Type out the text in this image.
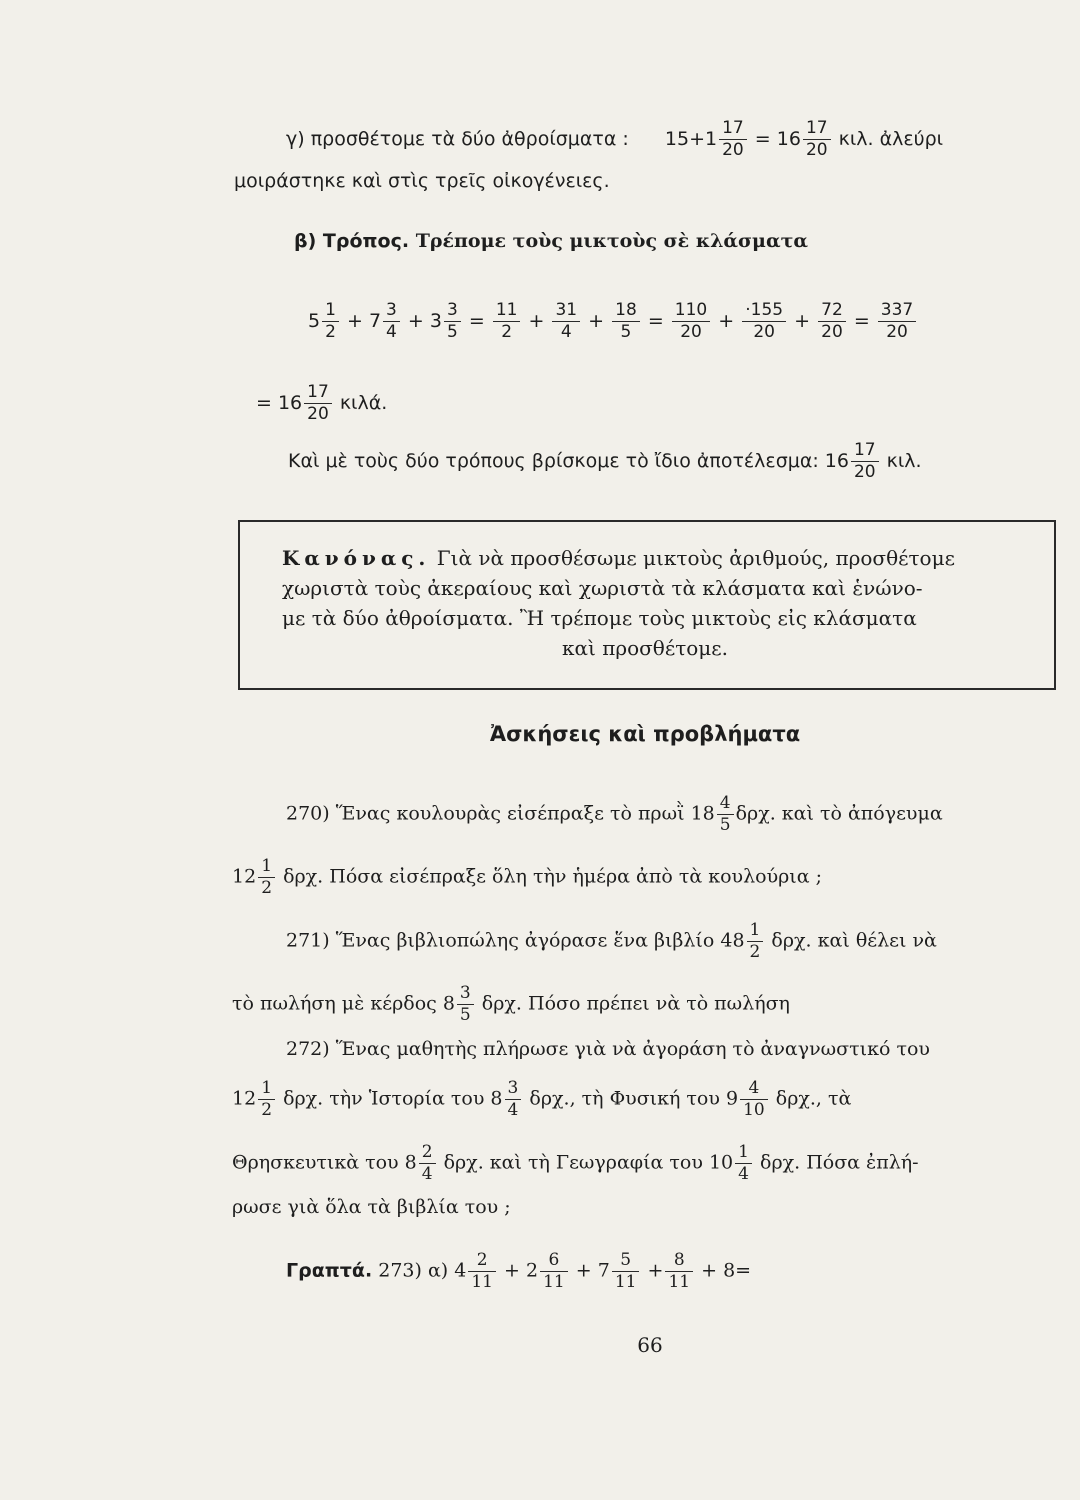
γ) προσθέτομε τὰ δύο ἀθροίσματα : $15+1 \frac{17}{20} = 16 \frac{17}{20} \kappa\iota\lambda$. ἀλεύρι
μοιράστηκε καὶ στὶς τρεῖς οἰκογένειες.
β) Τρόπος. Τρέπομε τοὺς μικτοὺς σὲ κλάσματα
$5 \frac{1}{2} + 7 \frac{3}{4} + 3 \frac{3}{5} = \frac{11}{2} + \frac{31}{4} + \frac{18}{5} = \frac{110}{20} + \frac{\cdot 155}{20} + \frac{72}{20} = \frac{337}{20}$
= $16 \frac{17}{20} \kappa\iota\lambda ά$.
Καὶ μὲ τοὺς δύο τρόπους βρίσκομε τὸ ἴδιο ἀποτέλεσμα: $16 \frac{17}{20} \kappa\iota\lambda$.
Κανόνας. Γιὰ νὰ προσθέσωμε μικτοὺς ἀριθμούς, προσθέτομε
χωριστὰ τοὺς ἀκεραίους καὶ χωριστὰ τὰ κλάσματα καὶ ἑνώνο-
με τὰ δύο ἀθροίσματα. Ἢ τρέπομε τοὺς μικτοὺς εἰς κλάσματα
καὶ προσθέτομε.
Ἀσκήσεις καὶ προβλήματα
270) Ἕνας κουλουρὰς εἰσέπραξε τὸ πρωῒ $18 \frac{4}{5} \delta\rho\chi$. καὶ τὸ ἀπόγευμα
$12 \frac{1}{2} \delta\rho\chi$. Πόσα εἰσέπραξε ὅλη τὴν ἡμέρα ἀπὸ τὰ κουλούρια ;
271) Ἕνας βιβλιοπώλης ἀγόρασε ἕνα βιβλίο $48 \frac{1}{2} \delta\rho\chi$. καὶ θέλει νὰ
τὸ πωλήση μὲ κέρδος $8 \frac{3}{5} \delta\rho\chi$. Πόσο πρέπει νὰ τὸ πωλήση
272) Ἕνας μαθητὴς πλήρωσε γιὰ νὰ ἀγοράση τὸ ἀναγνωστικό του
$12 \frac{1}{2} \delta\rho\chi$. τὴν Ἱστορία του $8 \frac{3}{4} \delta\rho\chi$., τὴ Φυσική του $9 \frac{4}{10} \delta\rho\chi$., τὰ
Θρησκευτικὰ του $8 \frac{2}{4} \delta\rho\chi$. καὶ τὴ Γεωγραφία του $10 \frac{1}{4} \delta\rho\chi$. Πόσα ἐπλή-
ρωσε γιὰ ὅλα τὰ βιβλία του ;
Γραπτά. 273) α) $4 \frac{2}{11} + 2 \frac{6}{11} + 7 \frac{5}{11} + \frac{8}{11} + 8=$
66
